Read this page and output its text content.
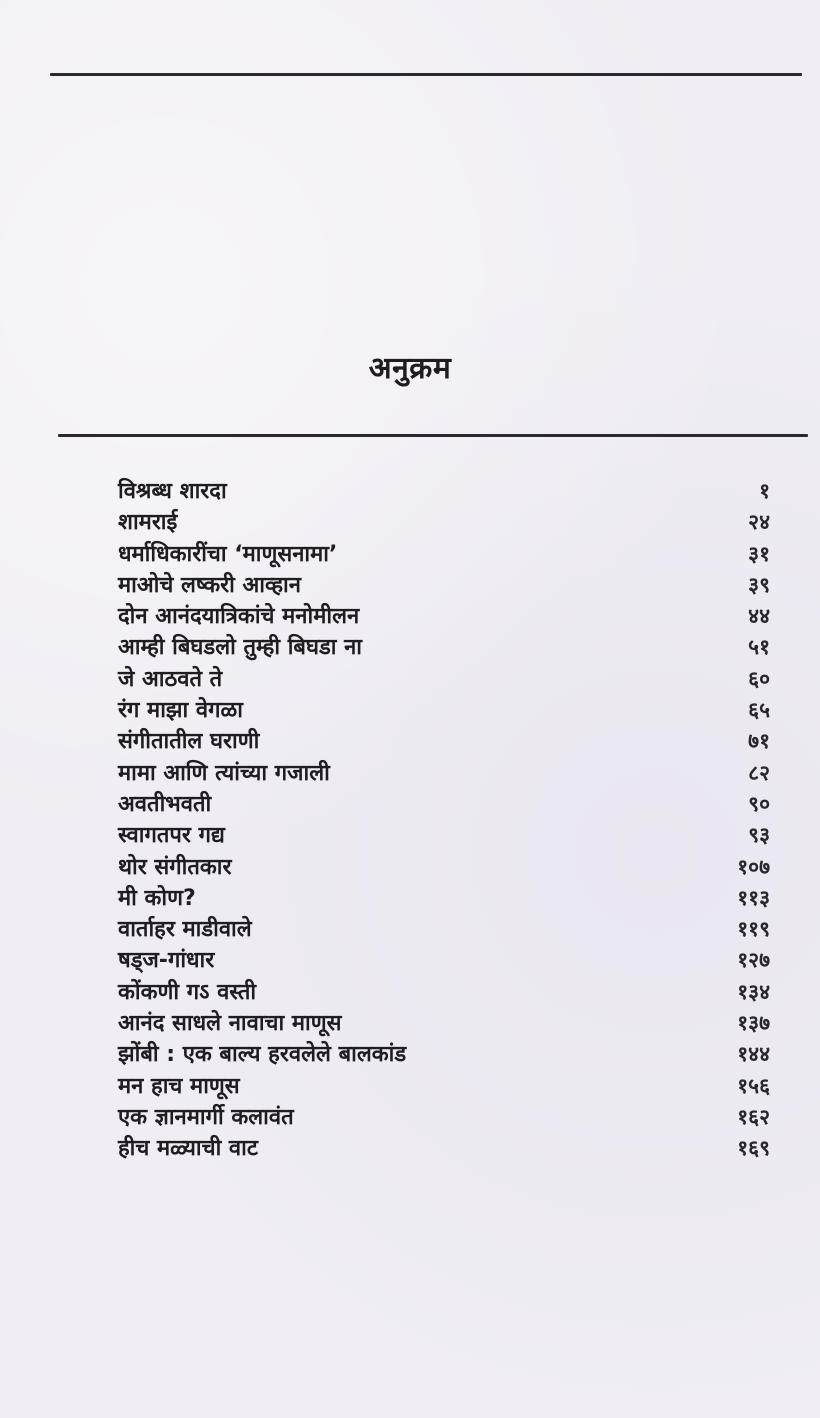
अनुक्रम
विश्रब्ध शारदा	१
शामराई	२४
धर्माधिकारींचा ‘माणूसनामा’	३१
माओचे लष्करी आव्हान	३९
दोन आनंदयात्रिकांचे मनोमीलन	४४
आम्ही बिघडलो तुम्ही बिघडा ना	५१
जे आठवते ते	६०
रंग माझा वेगळा	६५
संगीतातील घराणी	७१
मामा आणि त्यांच्या गजाली	८२
अवतीभवती	९०
स्वागतपर गद्य	९३
थोर संगीतकार	१०७
मी कोण?	११३
वार्ताहर माडीवाले	११९
षड्ज-गांधार	१२७
कोंकणी गऽ वस्ती	१३४
आनंद साधले नावाचा माणूस	१३७
झोंबी : एक बाल्य हरवलेले बालकांड	१४४
मन हाच माणूस	१५६
एक ज्ञानमार्गी कलावंत	१६२
हीच मळ्याची वाट	१६९
